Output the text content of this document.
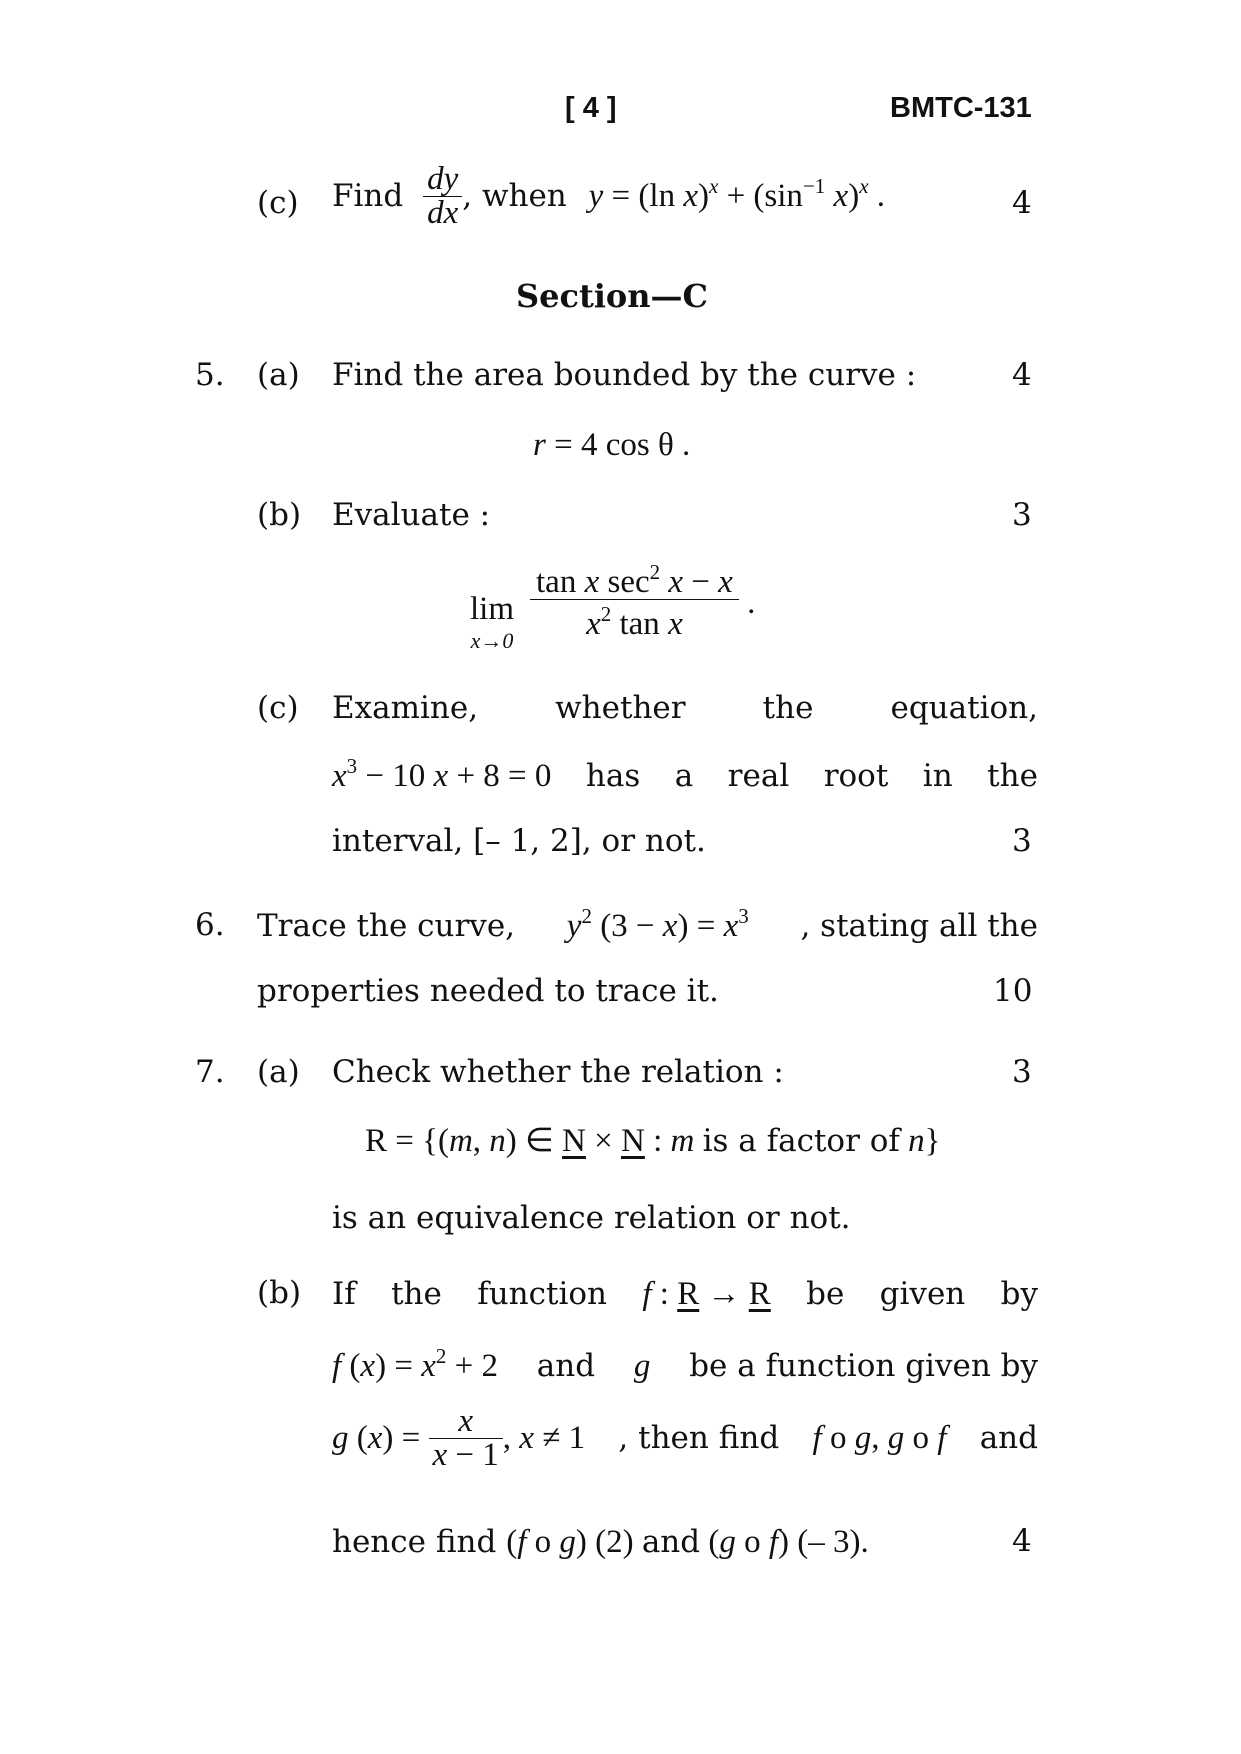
[ 4 ]	BMTC-131
(c) Find $\frac{dy}{dx}$ , when y = (ln $x)^x + (\sin^{-1}$ x)$^x$ .	4
Section—C
5. (a) Find the area bounded by the curve :	4
r = 4 cos θ .
(b) Evaluate :	3
lim
$x\to 0 \frac{\tan x \sec^2 x - x}{x^2 \tan x}$ .
(c) Examine, whether the equation,
$x^3 - 10$ x + 8 = 0 has a real root in the
interval, [– 1, 2], or not.	3
6. Trace the curve, $y^2$ $(3 - x) = x^3$ , stating all the
properties needed to trace it.	10
7. (a) Check whether the relation :	3
R = {(m, n) ∈ N × N : m is a factor of n}
is an equivalence relation or not.
(b) If the function f : R → R be given by
f $(x) = x^2 + 2$ and g be a function given by
g ( x ) = $\frac{x}{x - 1}$ , x ≠ 1 , then find f o g, g o f and
hence find (f o g) (2) and (g o f) (– 3).	4
